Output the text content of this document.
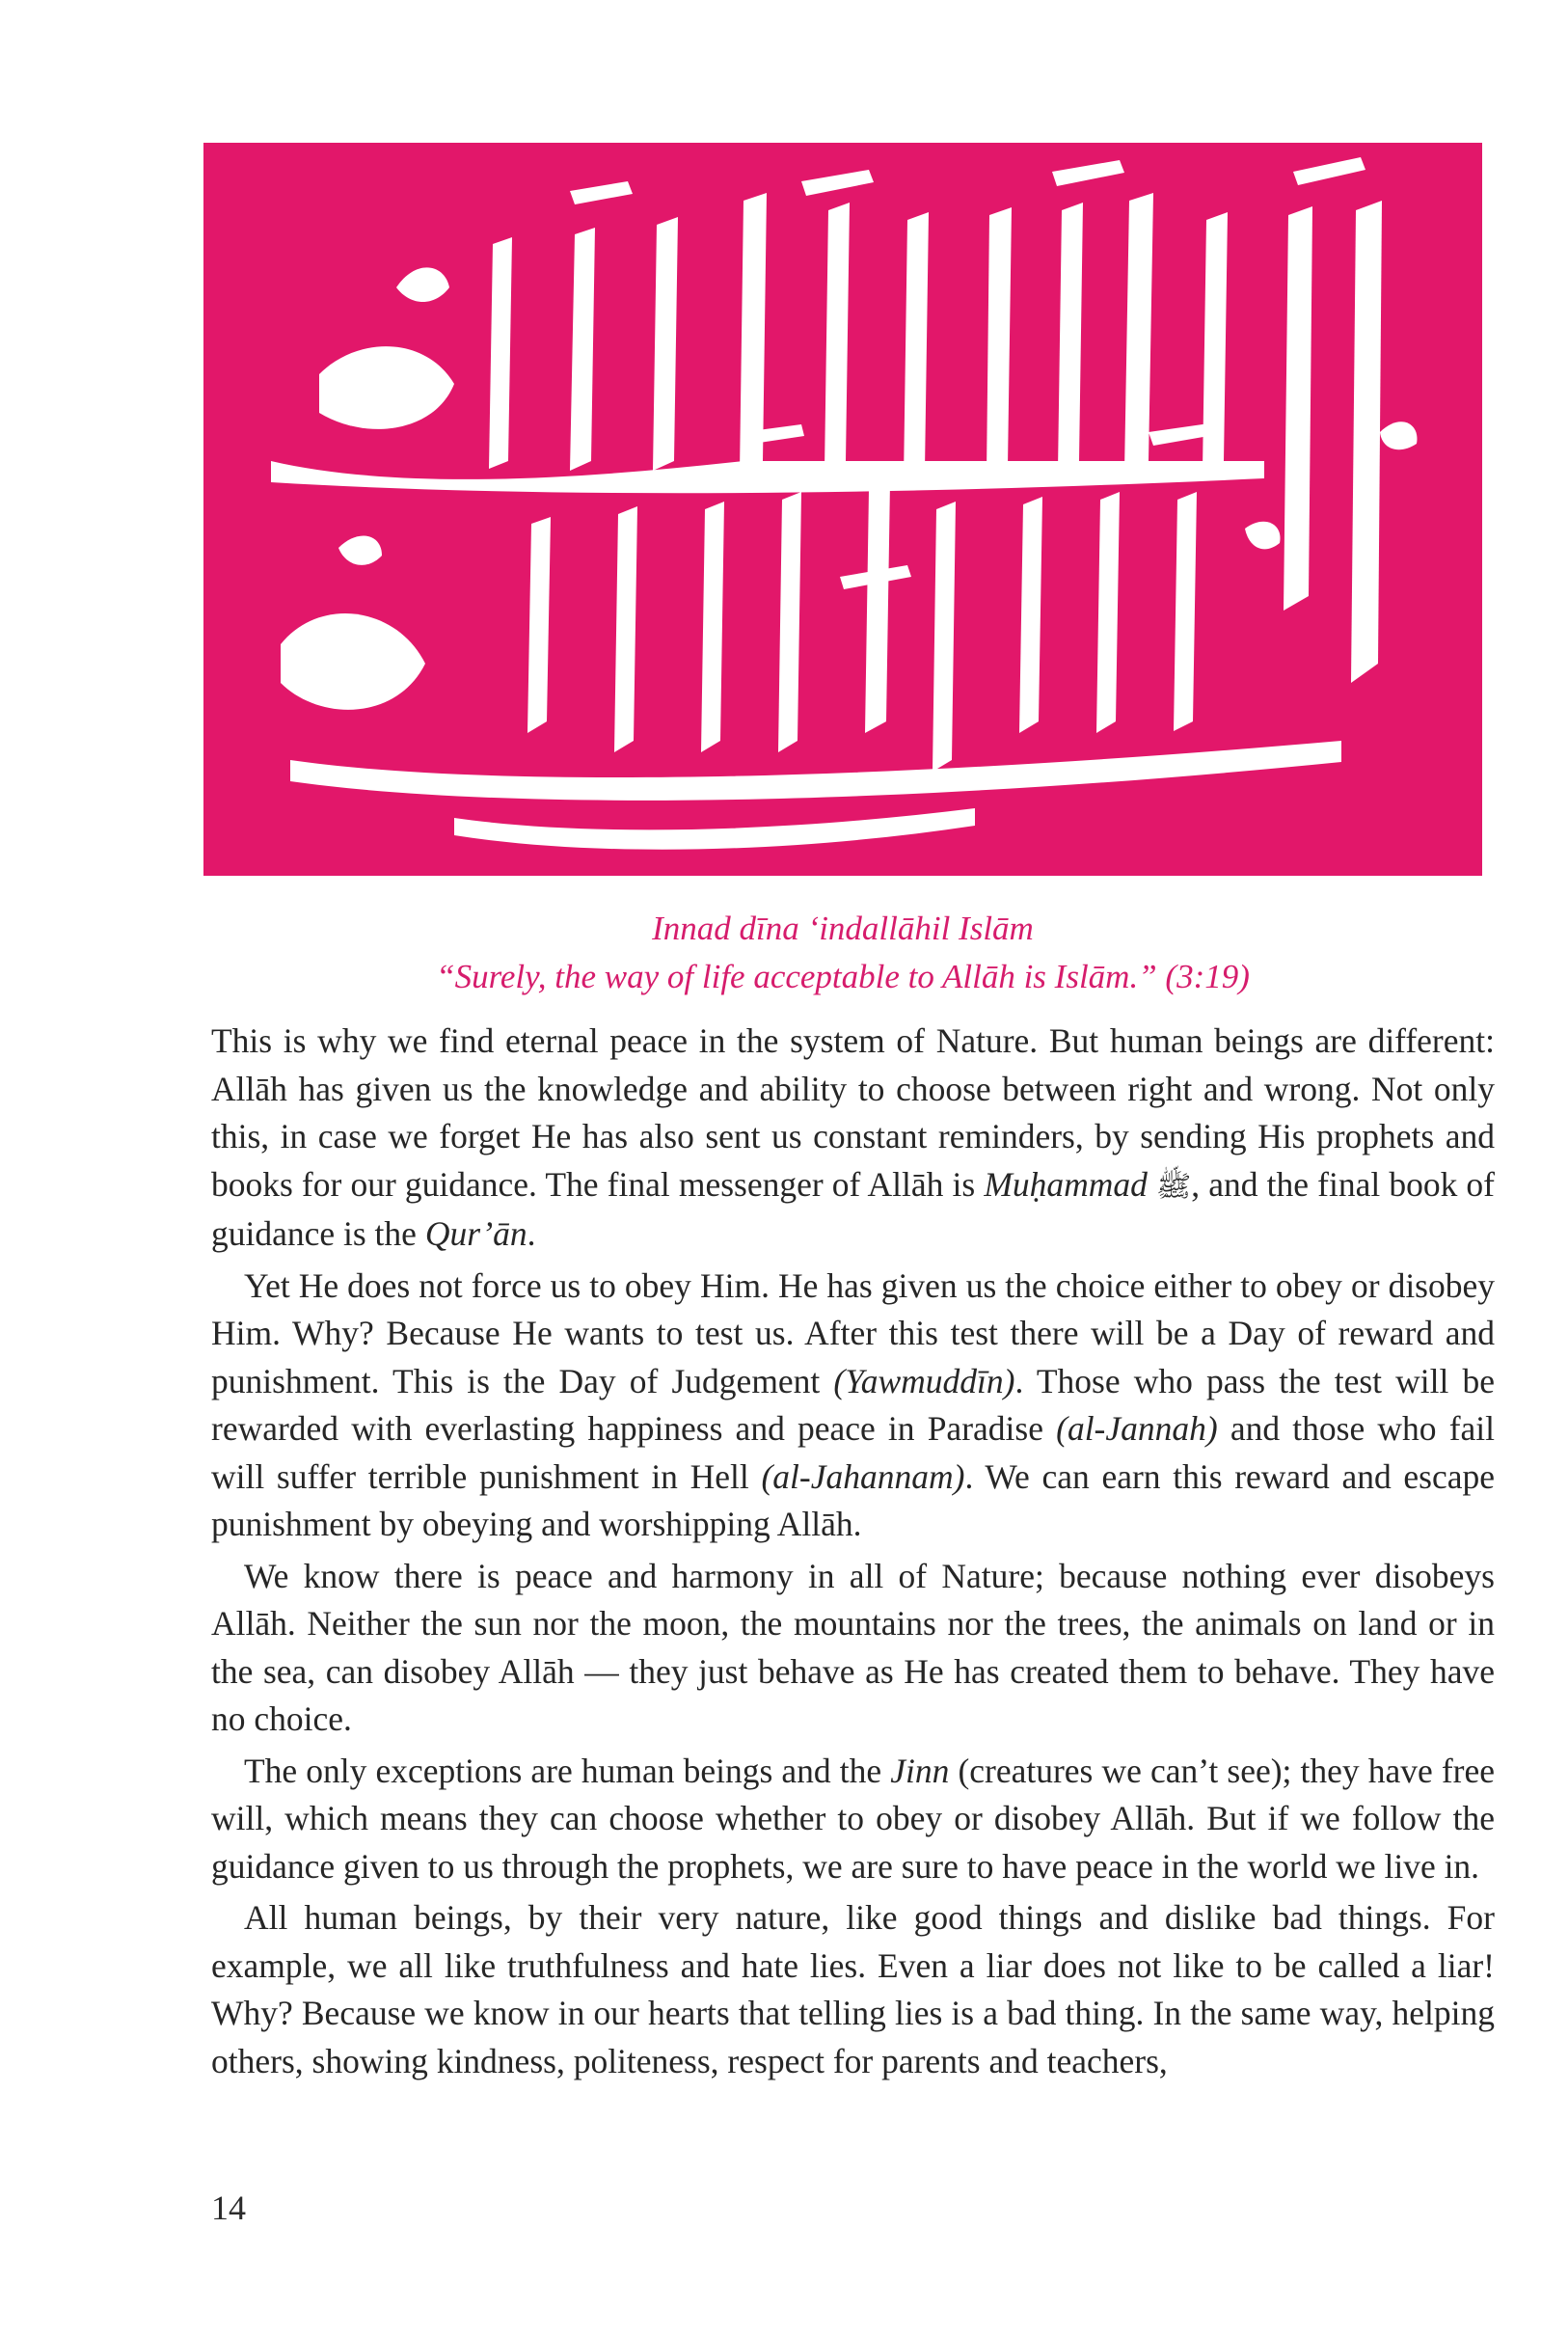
Innad dīna ‘indallāhil Islām
“Surely, the way of life acceptable to Allāh is Islām.” (3:19)

This is why we find eternal peace in the system of Nature. But human beings are different: Allāh has given us the knowledge and ability to choose between right and wrong. Not only this, in case we forget He has also sent us constant reminders, by sending His prophets and books for our guidance. The final messenger of Allāh is Muḥammad ﷺ, and the final book of guidance is the Qur’ān.

Yet He does not force us to obey Him. He has given us the choice either to obey or disobey Him. Why? Because He wants to test us. After this test there will be a Day of reward and punishment. This is the Day of Judgement (Yawmuddīn). Those who pass the test will be rewarded with everlasting happiness and peace in Paradise (al-Jannah) and those who fail will suffer terrible punishment in Hell (al-Jahannam). We can earn this reward and escape punishment by obeying and worshipping Allāh.

We know there is peace and harmony in all of Nature; because nothing ever disobeys Allāh. Neither the sun nor the moon, the mountains nor the trees, the animals on land or in the sea, can disobey Allāh — they just behave as He has created them to behave. They have no choice.

The only exceptions are human beings and the Jinn (creatures we can’t see); they have free will, which means they can choose whether to obey or disobey Allāh. But if we follow the guidance given to us through the prophets, we are sure to have peace in the world we live in.

All human beings, by their very nature, like good things and dislike bad things. For example, we all like truthfulness and hate lies. Even a liar does not like to be called a liar! Why? Because we know in our hearts that telling lies is a bad thing. In the same way, helping others, showing kindness, politeness, respect for parents and teachers,

14
